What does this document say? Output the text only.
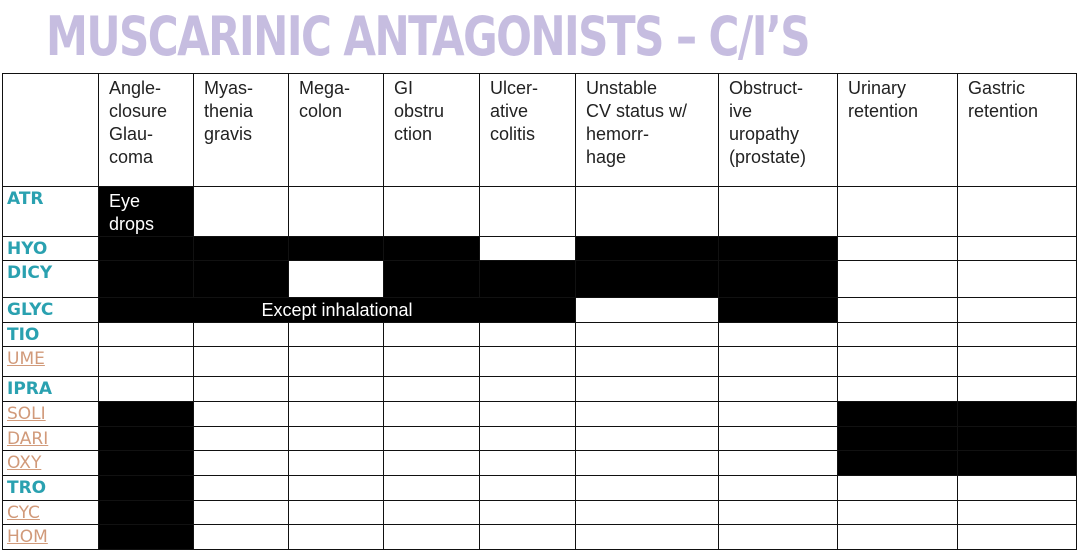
MUSCARINIC ANTAGONISTS – C/I’S
	Angle-
closure
Glau-
coma	Myas-
thenia
gravis	Mega-
colon	GI
obstru
ction	Ulcer-
ative
colitis	Unstable
CV status w/
hemorr-
hage	Obstruct-
ive
uropathy
(prostate)	Urinary
retention	Gastric
retention
ATR	Eye
drops								
HYO									
DICY									
GLYC	Except inhalational								
TIO									
UME									
IPRA									
SOLI									
DARI									
OXY									
TRO									
CYC									
HOM									
